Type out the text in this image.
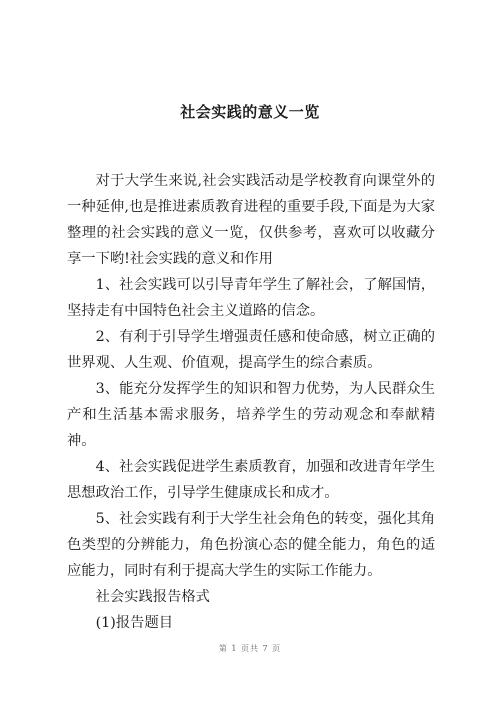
社会实践的意义一览

对于大学生来说,社会实践活动是学校教育向课堂外的一种延伸,也是推进素质教育进程的重要手段,下面是为大家整理的社会实践的意义一览，仅供参考，喜欢可以收藏分享一下哟!社会实践的意义和作用

1、社会实践可以引导青年学生了解社会，了解国情，坚持走有中国特色社会主义道路的信念。

2、有利于引导学生增强责任感和使命感，树立正确的世界观、人生观、价值观，提高学生的综合素质。

3、能充分发挥学生的知识和智力优势，为人民群众生产和生活基本需求服务，培养学生的劳动观念和奉献精神。

4、社会实践促进学生素质教育，加强和改进青年学生思想政治工作，引导学生健康成长和成才。

5、社会实践有利于大学生社会角色的转变，强化其角色类型的分辨能力，角色扮演心态的健全能力，角色的适应能力，同时有利于提高大学生的实际工作能力。

社会实践报告格式

(1)报告题目

第 1 页共 7 页
